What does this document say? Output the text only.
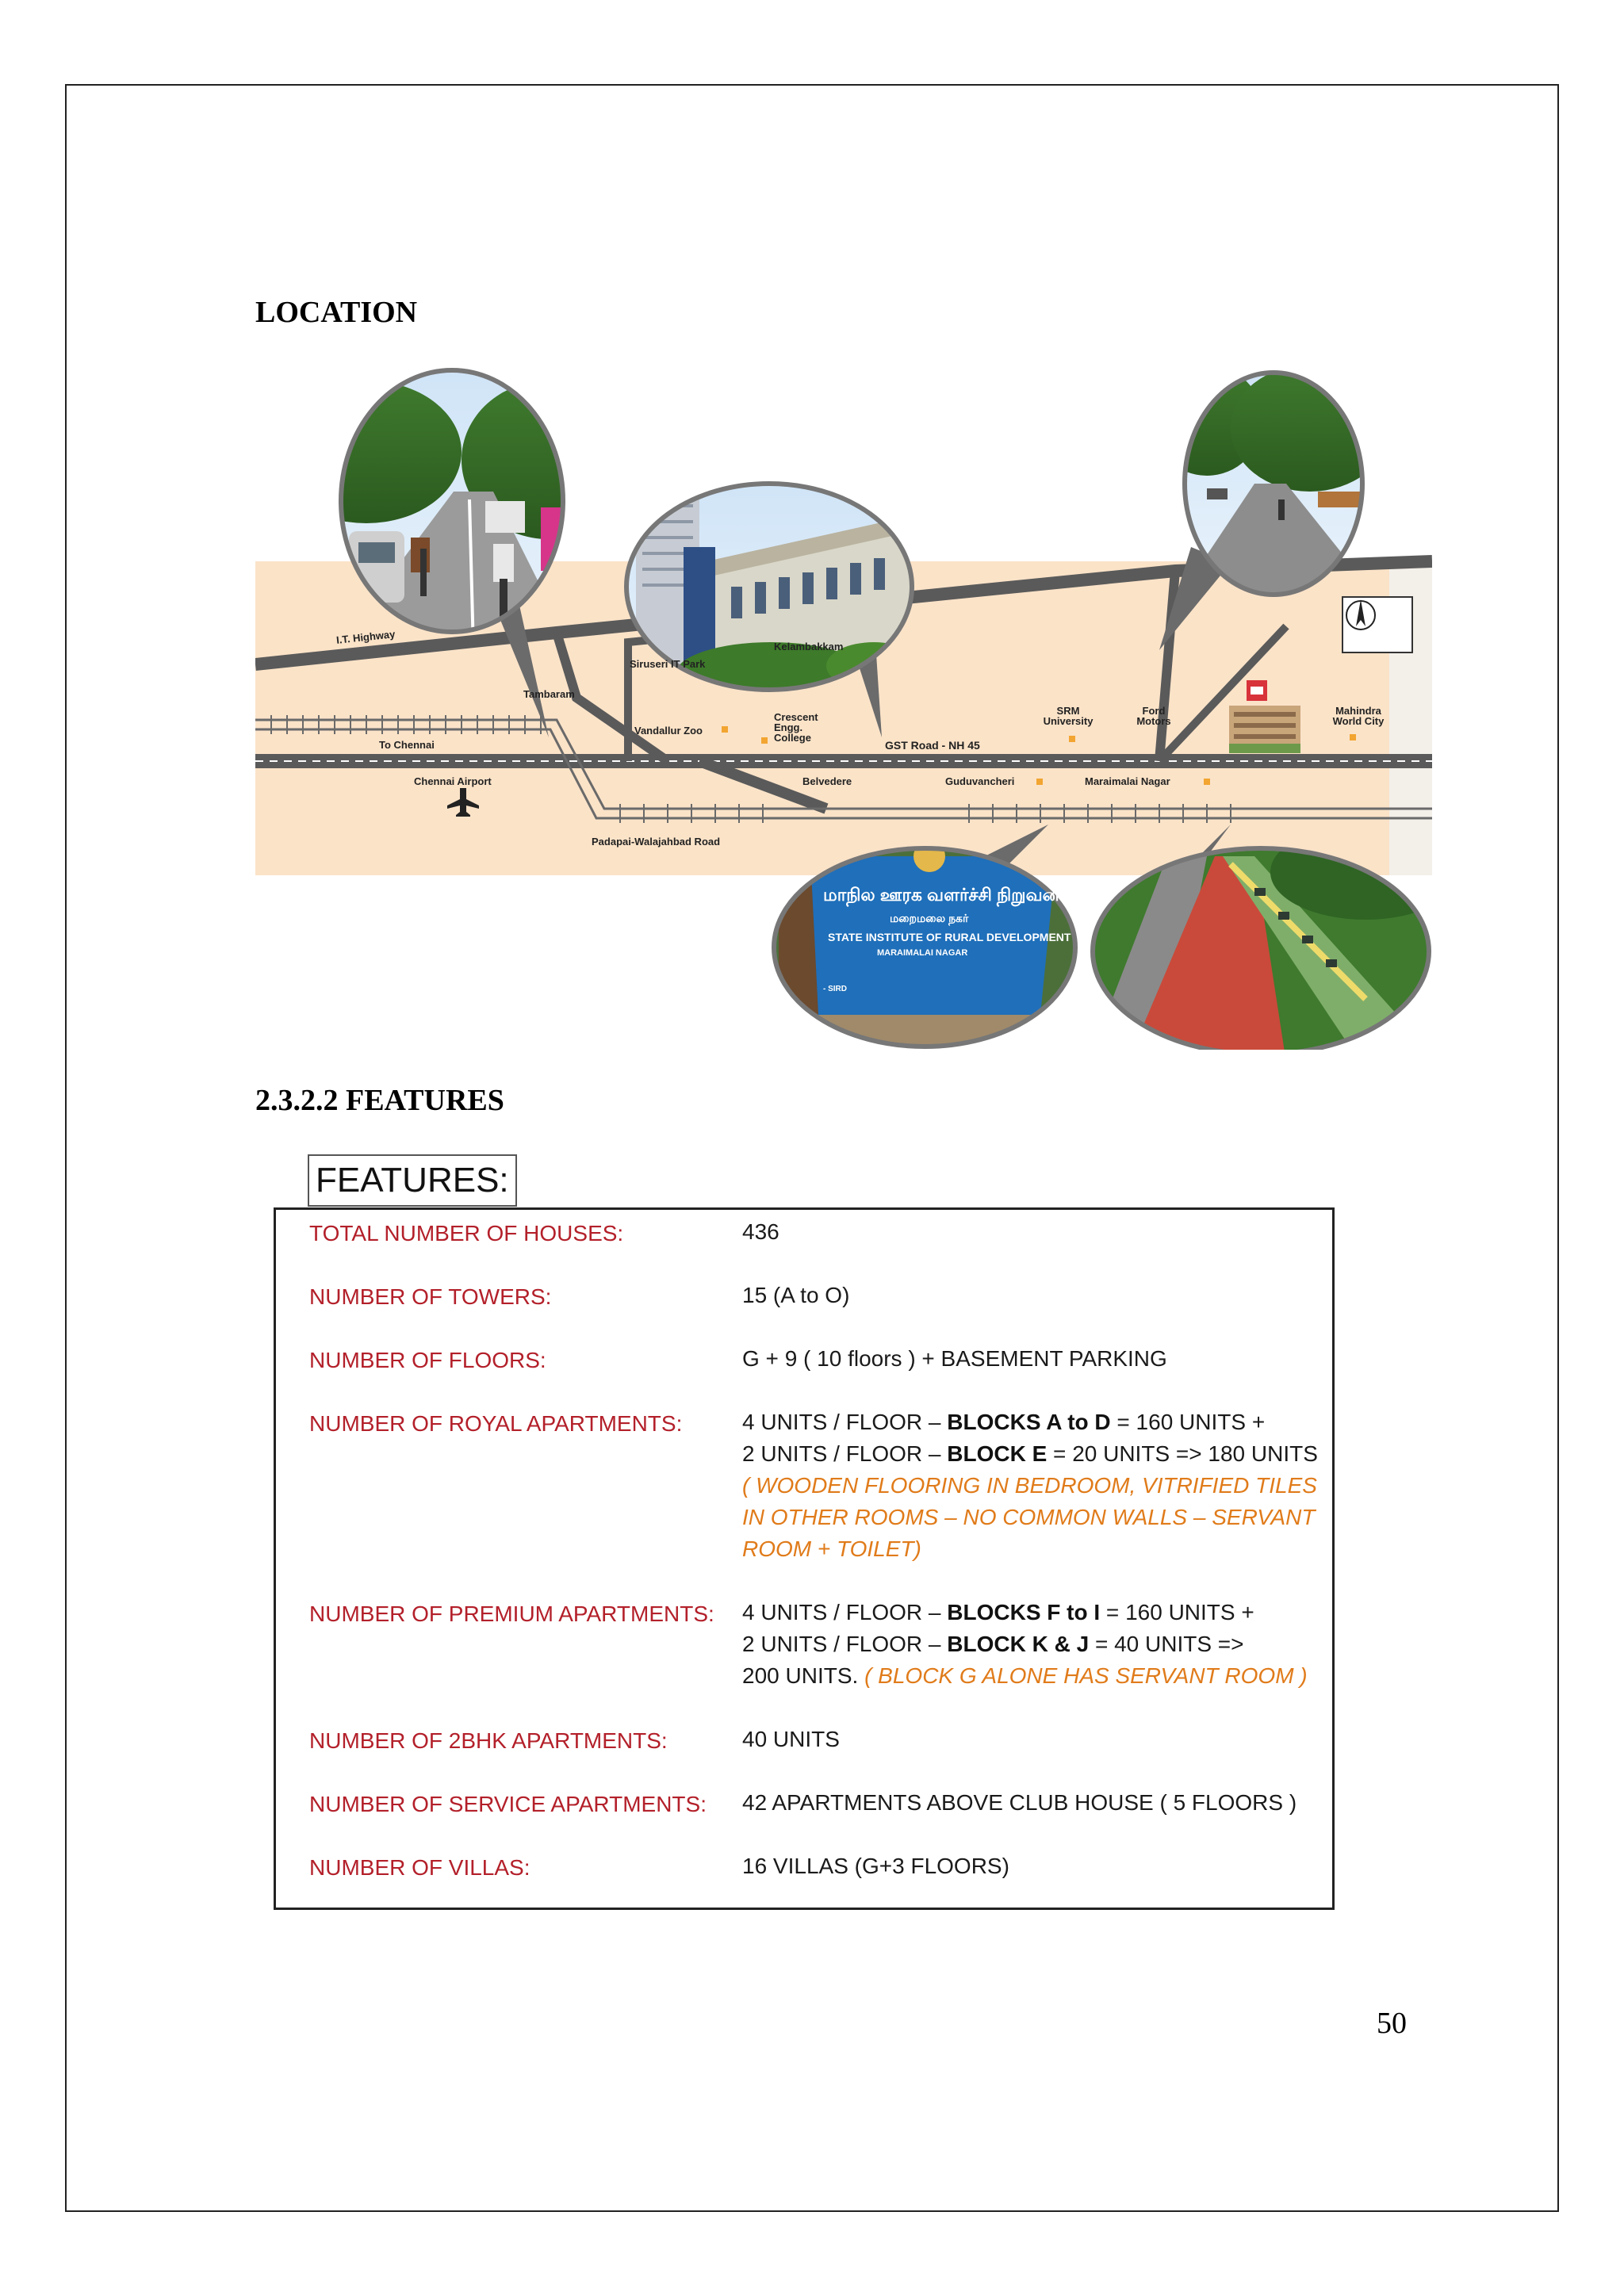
LOCATION
மாநில ஊரக வளர்ச்சி நிறுவனம்
மறைமலை நகர்
STATE INSTITUTE OF RURAL DEVELOPMENT
MARAIMALAI NAGAR
- SIRD
I.T. Highway
Siruseri IT Park
Kelambakkam
Tambaram
Vandallur Zoo
Crescent Engg. College
To Chennai	GST Road - NH 45
SRM University
Ford Motors
Mahindra World City
Chennai Airport	Belvedere	Guduvancheri	Maraimalai Nagar
Padapai-Walajahbad Road
2.3.2.2 FEATURES
FEATURES:
TOTAL NUMBER OF HOUSES:	436
NUMBER OF TOWERS:	15 (A to O)
NUMBER OF FLOORS:	G + 9 ( 10 floors ) + BASEMENT PARKING
NUMBER OF ROYAL APARTMENTS:	4 UNITS / FLOOR – BLOCKS A to D = 160 UNITS +
2 UNITS / FLOOR – BLOCK E = 20 UNITS => 180 UNITS
( WOODEN FLOORING IN BEDROOM, VITRIFIED TILES
IN OTHER ROOMS – NO COMMON WALLS – SERVANT
ROOM + TOILET)
NUMBER OF PREMIUM APARTMENTS: 4 UNITS / FLOOR – BLOCKS F to I = 160 UNITS +
2 UNITS / FLOOR – BLOCK K & J = 40 UNITS =>
200 UNITS. ( BLOCK G ALONE HAS SERVANT ROOM )
NUMBER OF 2BHK APARTMENTS:	40 UNITS
NUMBER OF SERVICE APARTMENTS: 42 APARTMENTS ABOVE CLUB HOUSE ( 5 FLOORS )
NUMBER OF VILLAS:	16 VILLAS (G+3 FLOORS)
50
